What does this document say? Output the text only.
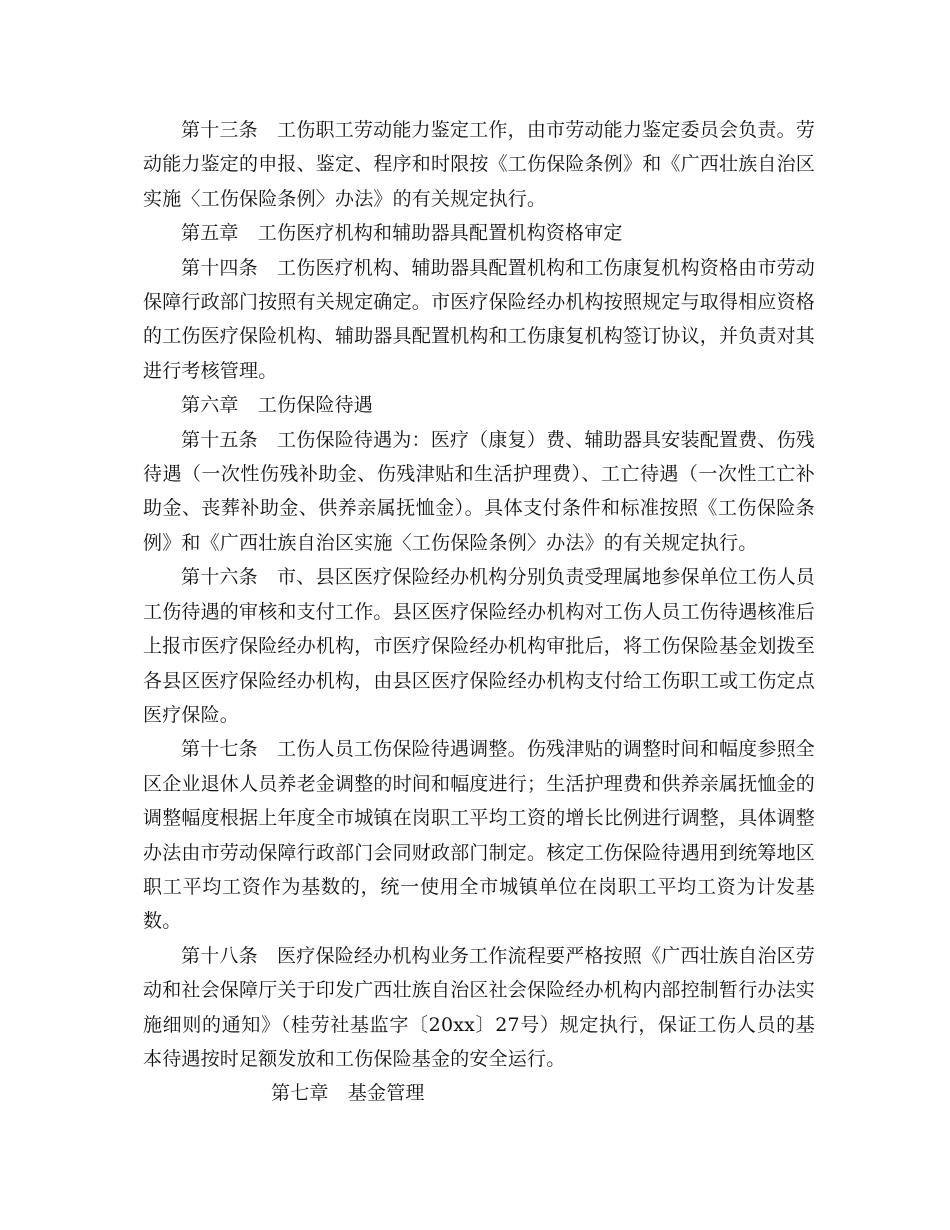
第十三条　工伤职工劳动能力鉴定工作，由市劳动能力鉴定委员会负责。劳动能力鉴定的申报、鉴定、程序和时限按《工伤保险条例》和《广西壮族自治区实施〈工伤保险条例〉办法》的有关规定执行。

第五章　工伤医疗机构和辅助器具配置机构资格审定

第十四条　工伤医疗机构、辅助器具配置机构和工伤康复机构资格由市劳动保障行政部门按照有关规定确定。市医疗保险经办机构按照规定与取得相应资格的工伤医疗保险机构、辅助器具配置机构和工伤康复机构签订协议，并负责对其进行考核管理。

第六章　工伤保险待遇

第十五条　工伤保险待遇为：医疗（康复）费、辅助器具安装配置费、伤残待遇（一次性伤残补助金、伤残津贴和生活护理费）、工亡待遇（一次性工亡补助金、丧葬补助金、供养亲属抚恤金）。具体支付条件和标准按照《工伤保险条例》和《广西壮族自治区实施〈工伤保险条例〉办法》的有关规定执行。

第十六条　市、县区医疗保险经办机构分别负责受理属地参保单位工伤人员工伤待遇的审核和支付工作。县区医疗保险经办机构对工伤人员工伤待遇核准后上报市医疗保险经办机构，市医疗保险经办机构审批后，将工伤保险基金划拨至各县区医疗保险经办机构，由县区医疗保险经办机构支付给工伤职工或工伤定点医疗保险。

第十七条　工伤人员工伤保险待遇调整。伤残津贴的调整时间和幅度参照全区企业退休人员养老金调整的时间和幅度进行；生活护理费和供养亲属抚恤金的调整幅度根据上年度全市城镇在岗职工平均工资的增长比例进行调整，具体调整办法由市劳动保障行政部门会同财政部门制定。核定工伤保险待遇用到统筹地区职工平均工资作为基数的，统一使用全市城镇单位在岗职工平均工资为计发基数。

第十八条　医疗保险经办机构业务工作流程要严格按照《广西壮族自治区劳动和社会保障厅关于印发广西壮族自治区社会保险经办机构内部控制暂行办法实施细则的通知》（桂劳社基监字〔20xx〕27号）规定执行，保证工伤人员的基本待遇按时足额发放和工伤保险基金的安全运行。

第七章　基金管理
